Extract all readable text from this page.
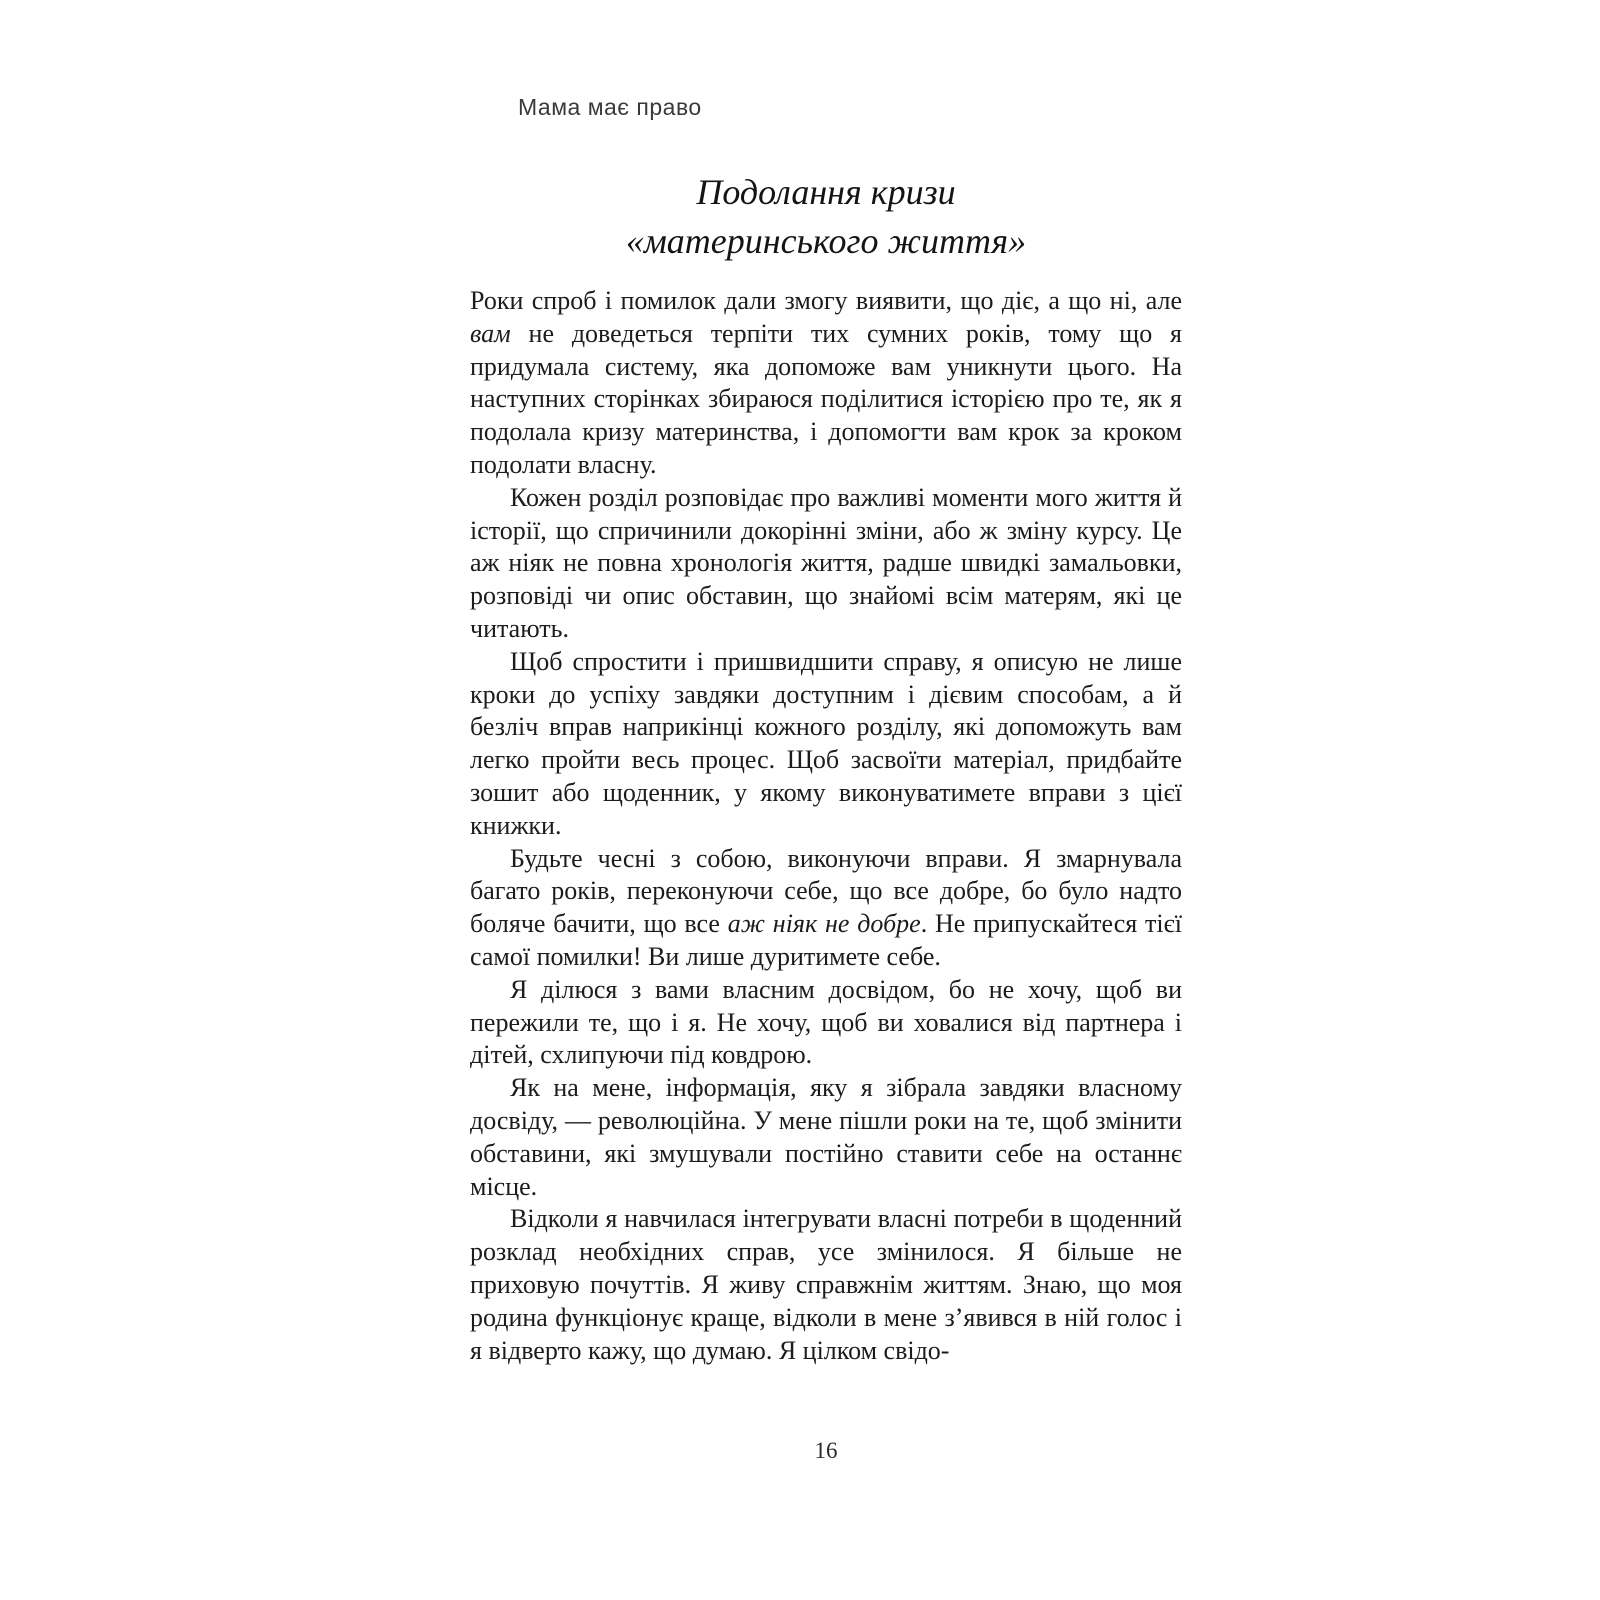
Мама має право
Подолання кризи
«материнського життя»

Роки спроб і помилок дали змогу виявити, що діє, а що ні, але вам не доведеться терпіти тих сумних років, тому що я придумала систему, яка допоможе вам уникнути цього. На наступних сторінках збираюся поділитися історією про те, як я подолала кризу материнства, і допомогти вам крок за кроком подолати власну.

Кожен розділ розповідає про важливі моменти мого життя й історії, що спричинили докорінні зміни, або ж зміну курсу. Це аж ніяк не повна хронологія життя, радше швидкі замальовки, розповіді чи опис обставин, що знайомі всім матерям, які це читають.

Щоб спростити і пришвидшити справу, я описую не лише кроки до успіху завдяки доступним і дієвим способам, а й безліч вправ наприкінці кожного розділу, які допоможуть вам легко пройти весь процес. Щоб засвоїти матеріал, придбайте зошит або щоденник, у якому виконуватимете вправи з цієї книжки.

Будьте чесні з собою, виконуючи вправи. Я змарнувала багато років, переконуючи себе, що все добре, бо було надто боляче бачити, що все аж ніяк не добре. Не припускайтеся тієї самої помилки! Ви лише дуритимете себе.

Я ділюся з вами власним досвідом, бо не хочу, щоб ви пережили те, що і я. Не хочу, щоб ви ховалися від партнера і дітей, схлипуючи під ковдрою.

Як на мене, інформація, яку я зібрала завдяки власному досвіду, — революційна. У мене пішли роки на те, щоб змінити обставини, які змушували постійно ставити себе на останнє місце.

Відколи я навчилася інтегрувати власні потреби в щоденний розклад необхідних справ, усе змінилося. Я більше не приховую почуттів. Я живу справжнім життям. Знаю, що моя родина функціонує краще, відколи в мене з’явився в ній голос і я відверто кажу, що думаю. Я цілком свідо-

16
